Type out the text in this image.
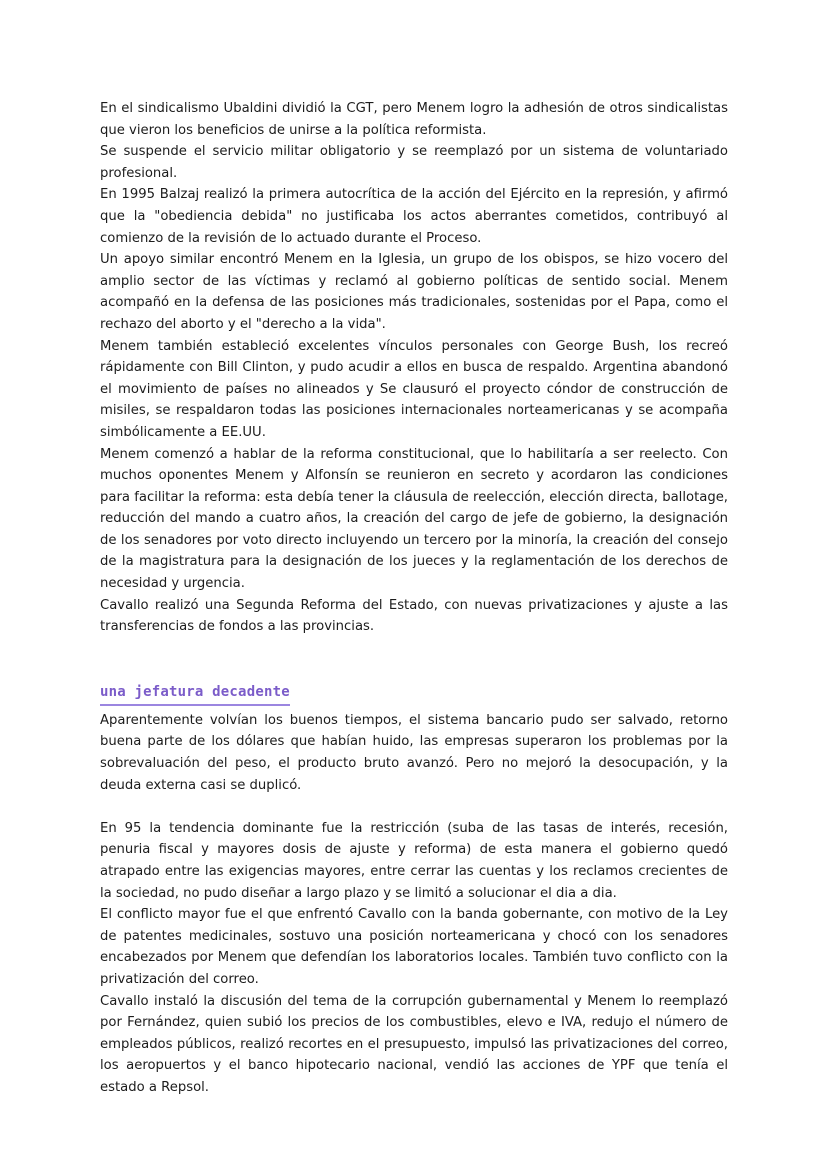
En el sindicalismo Ubaldini dividió la CGT, pero Menem logro la adhesión de otros sindicalistas que vieron los beneficios de unirse a la política reformista.

Se suspende el servicio militar obligatorio y se reemplazó por un sistema de voluntariado profesional.

En 1995 Balzaj realizó la primera autocrítica de la acción del Ejército en la represión, y afirmó que la "obediencia debida" no justificaba los actos aberrantes cometidos, contribuyó al comienzo de la revisión de lo actuado durante el Proceso.

Un apoyo similar encontró Menem en la Iglesia, un grupo de los obispos, se hizo vocero del amplio sector de las víctimas y reclamó al gobierno políticas de sentido social. Menem acompañó en la defensa de las posiciones más tradicionales, sostenidas por el Papa, como el rechazo del aborto y el "derecho a la vida".

Menem también estableció excelentes vínculos personales con George Bush, los recreó rápidamente con Bill Clinton, y pudo acudir a ellos en busca de respaldo. Argentina abandonó el movimiento de países no alineados y Se clausuró el proyecto cóndor de construcción de misiles, se respaldaron todas las posiciones internacionales norteamericanas y se acompaña simbólicamente a EE.UU.

Menem comenzó a hablar de la reforma constitucional, que lo habilitaría a ser reelecto. Con muchos oponentes Menem y Alfonsín se reunieron en secreto y acordaron las condiciones para facilitar la reforma: esta debía tener la cláusula de reelección, elección directa, ballotage, reducción del mando a cuatro años, la creación del cargo de jefe de gobierno, la designación de los senadores por voto directo incluyendo un tercero por la minoría, la creación del consejo de la magistratura para la designación de los jueces y la reglamentación de los derechos de necesidad y urgencia.

Cavallo realizó una Segunda Reforma del Estado, con nuevas privatizaciones y ajuste a las transferencias de fondos a las provincias.

una jefatura decadente

Aparentemente volvían los buenos tiempos, el sistema bancario pudo ser salvado, retorno buena parte de los dólares que habían huido, las empresas superaron los problemas por la sobrevaluación del peso, el producto bruto avanzó. Pero no mejoró la desocupación, y la deuda externa casi se duplicó.

En 95 la tendencia dominante fue la restricción (suba de las tasas de interés, recesión, penuria fiscal y mayores dosis de ajuste y reforma) de esta manera el gobierno quedó atrapado entre las exigencias mayores, entre cerrar las cuentas y los reclamos crecientes de la sociedad, no pudo diseñar a largo plazo y se limitó a solucionar el dia a dia.

El conflicto mayor fue el que enfrentó Cavallo con la banda gobernante, con motivo de la Ley de patentes medicinales, sostuvo una posición norteamericana y chocó con los senadores encabezados por Menem que defendían los laboratorios locales. También tuvo conflicto con la privatización del correo.

Cavallo instaló la discusión del tema de la corrupción gubernamental y Menem lo reemplazó por Fernández, quien subió los precios de los combustibles, elevo e IVA, redujo el número de empleados públicos, realizó recortes en el presupuesto, impulsó las privatizaciones del correo, los aeropuertos y el banco hipotecario nacional, vendió las acciones de YPF que tenía el estado a Repsol.
